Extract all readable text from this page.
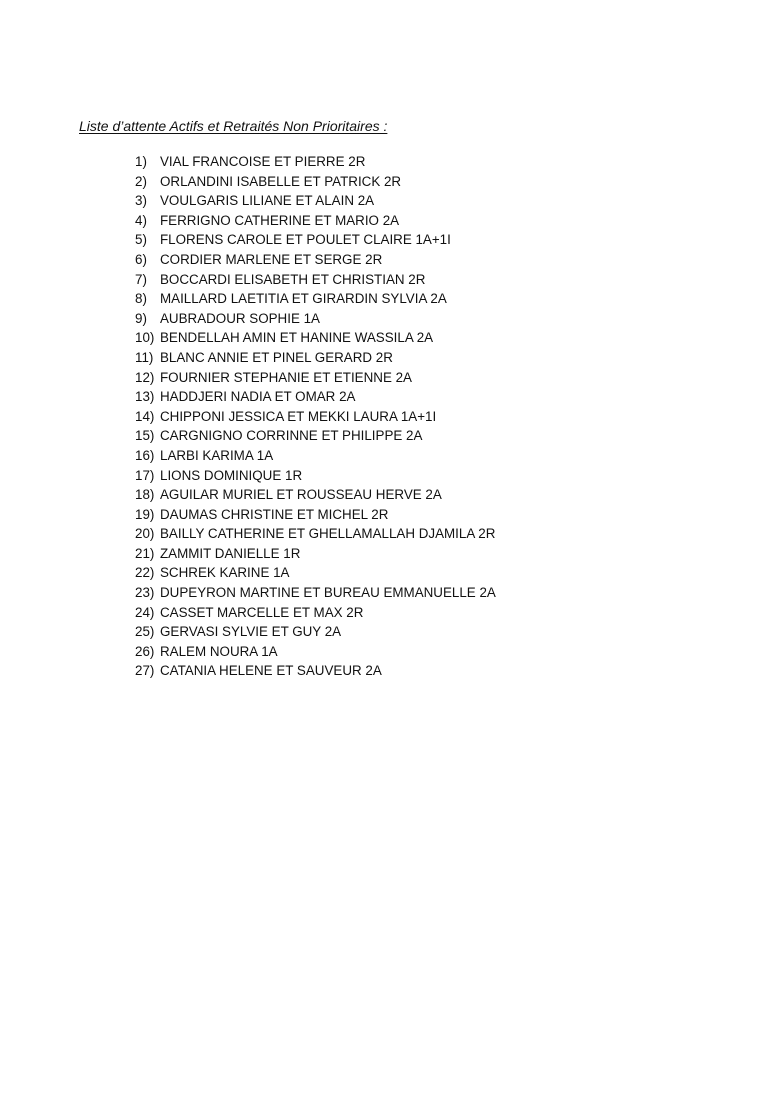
Liste d’attente Actifs et Retraités Non Prioritaires :
1) VIAL FRANCOISE ET PIERRE 2R
2) ORLANDINI ISABELLE ET PATRICK 2R
3) VOULGARIS LILIANE ET ALAIN 2A
4) FERRIGNO CATHERINE ET MARIO 2A
5) FLORENS CAROLE ET POULET CLAIRE 1A+1I
6) CORDIER MARLENE ET SERGE 2R
7) BOCCARDI ELISABETH ET CHRISTIAN 2R
8) MAILLARD LAETITIA ET GIRARDIN SYLVIA 2A
9) AUBRADOUR SOPHIE 1A
10) BENDELLAH AMIN ET HANINE WASSILA 2A
11) BLANC ANNIE ET PINEL GERARD 2R
12) FOURNIER STEPHANIE ET ETIENNE 2A
13) HADDJERI NADIA ET OMAR 2A
14) CHIPPONI JESSICA ET MEKKI LAURA 1A+1I
15) CARGNIGNO CORRINNE ET PHILIPPE 2A
16) LARBI KARIMA 1A
17) LIONS DOMINIQUE 1R
18) AGUILAR MURIEL ET ROUSSEAU HERVE 2A
19) DAUMAS CHRISTINE ET MICHEL 2R
20) BAILLY CATHERINE ET GHELLAMALLAH DJAMILA 2R
21) ZAMMIT DANIELLE 1R
22) SCHREK KARINE 1A
23) DUPEYRON MARTINE ET BUREAU EMMANUELLE 2A
24) CASSET MARCELLE ET MAX 2R
25) GERVASI SYLVIE ET GUY 2A
26) RALEM NOURA 1A
27) CATANIA HELENE ET SAUVEUR 2A
